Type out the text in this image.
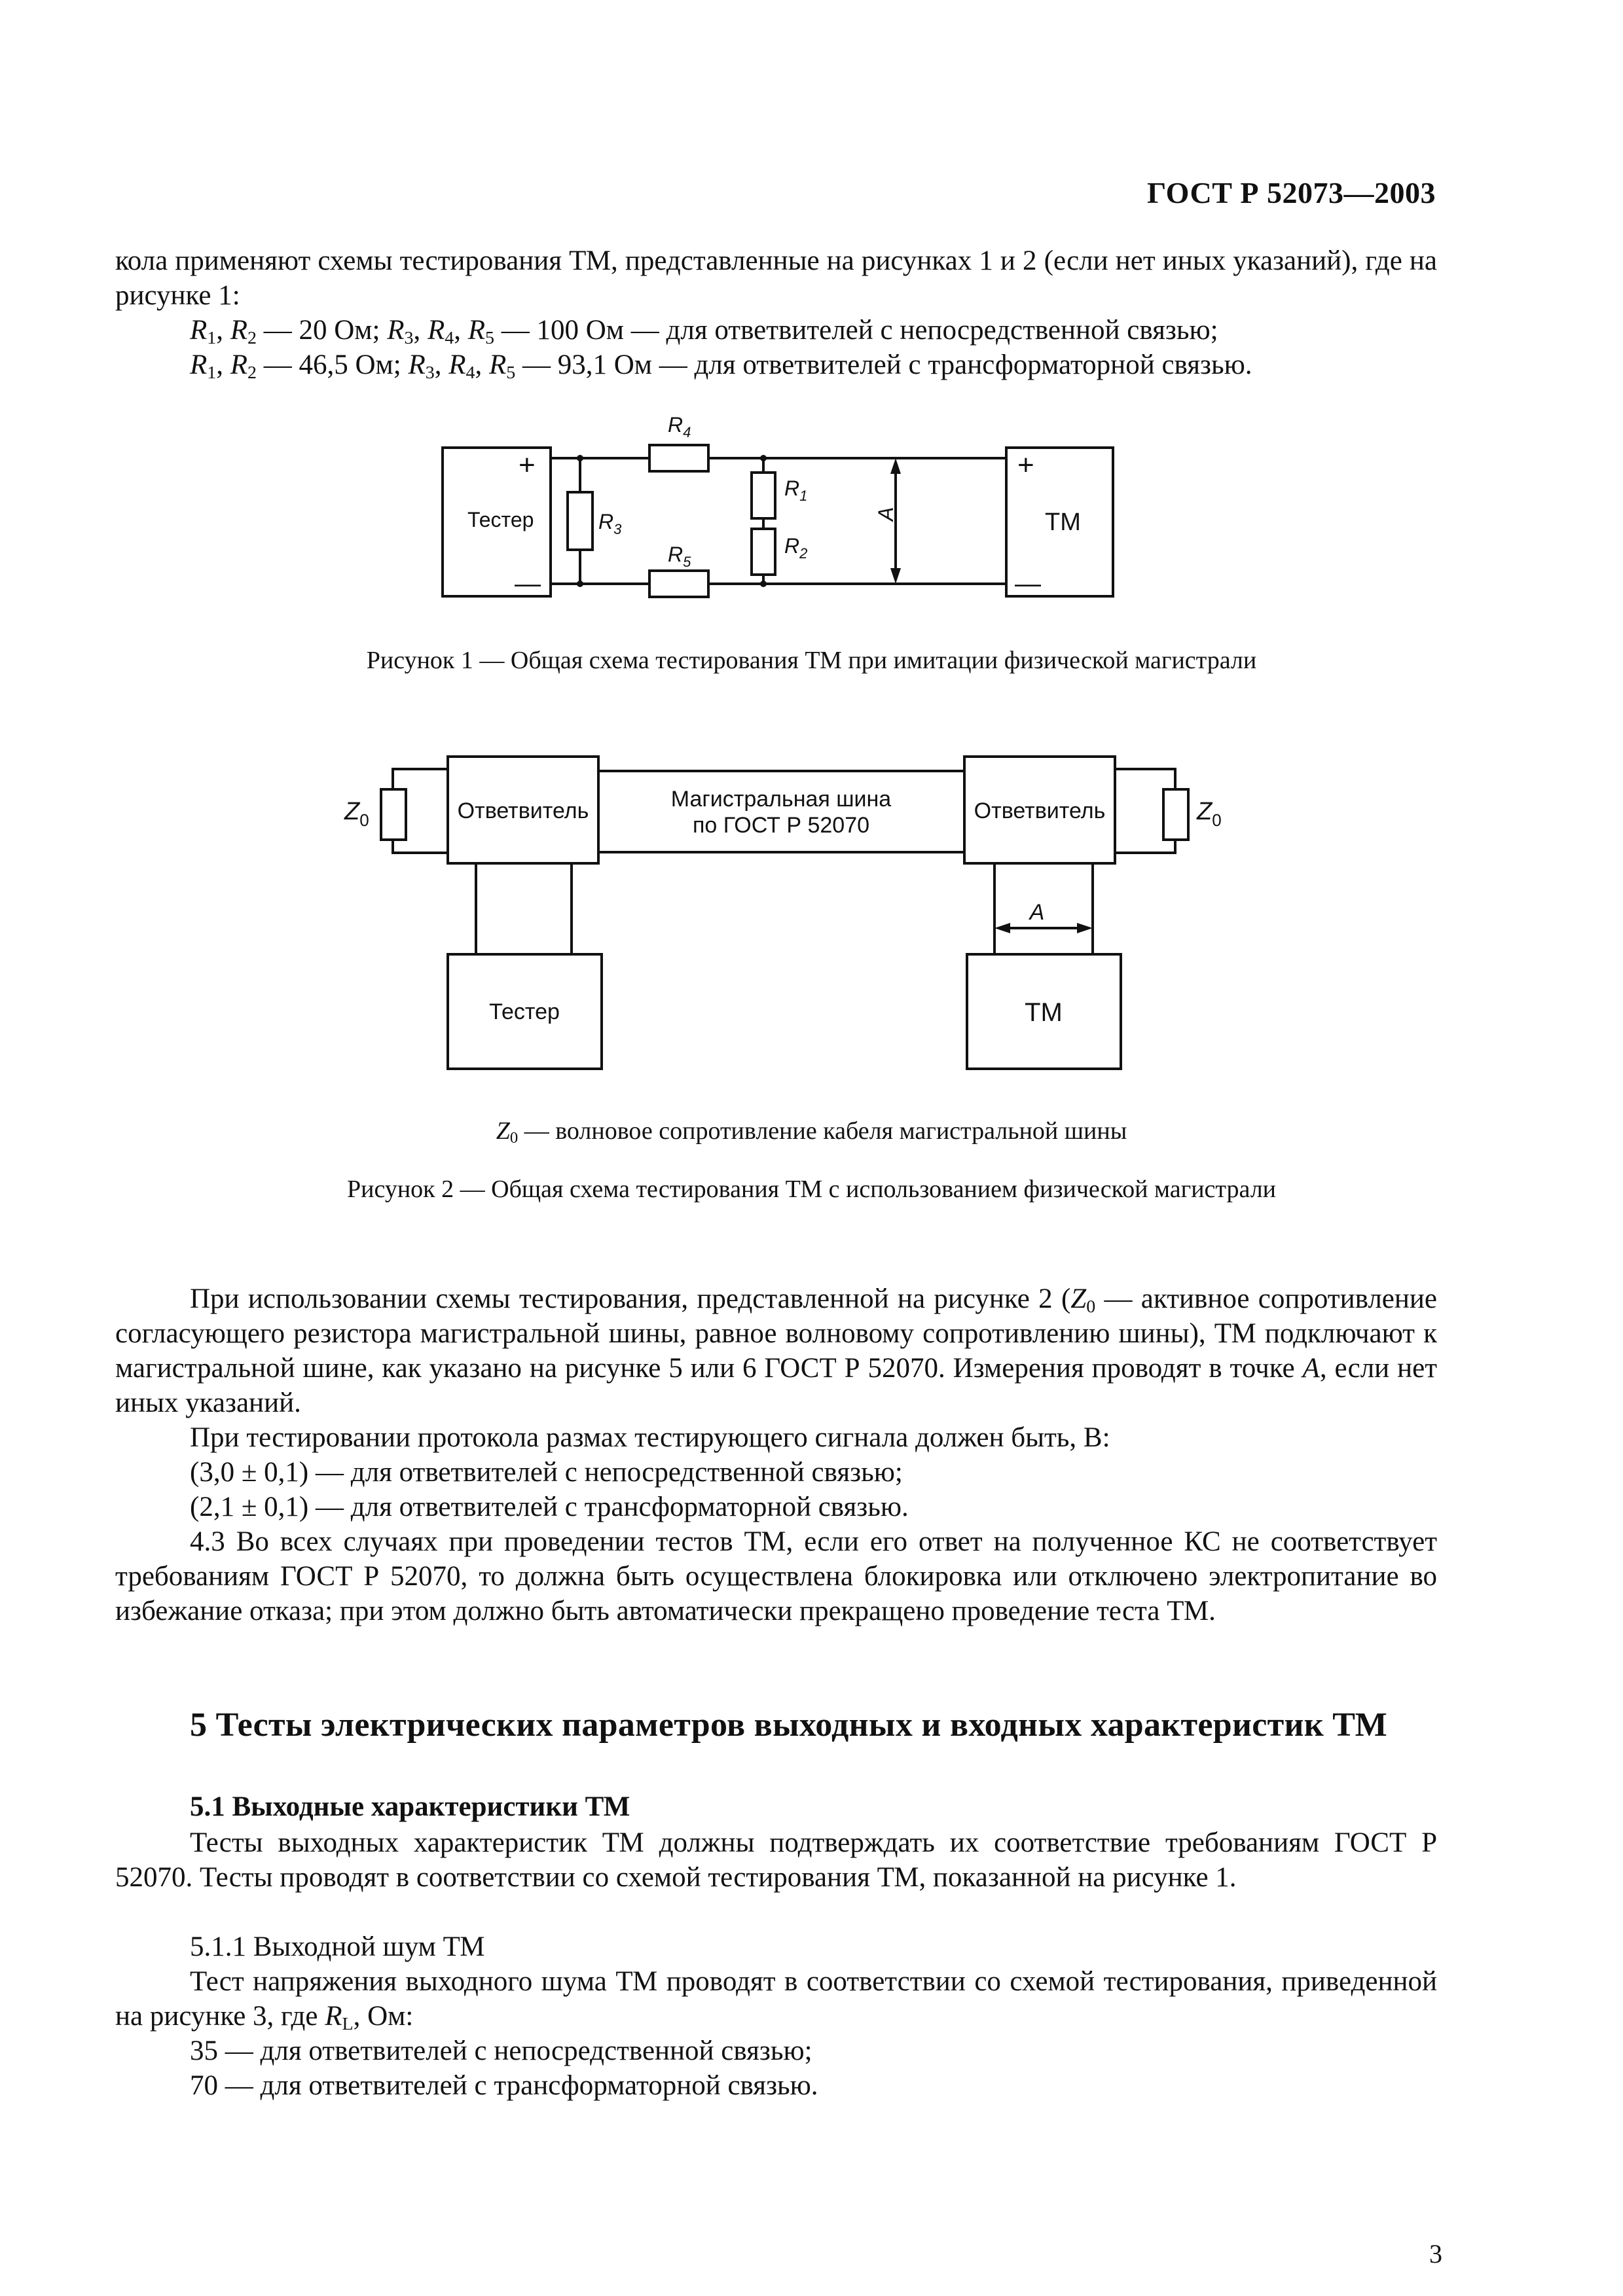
ГОСТ Р 52073—2003
кола применяют схемы тестирования ТМ, представленные на рисунках 1 и 2 (если нет иных указаний), где на рисунке 1:
$R_1$, $R_2$ — 20 Ом; $R_3$, $R_4$, $R_5$ — 100 Ом — для ответвителей с непосредственной связью;
$R_1$, $R_2$ — 46,5 Ом; $R_3$, $R_4$, $R_5$ — 93,1 Ом — для ответвителей с трансформаторной связью.
Тестер	ТМ
+
—
+
—
$R_4$
$R_5$
$R_3$
$R_1$
$R_2$
A
Рисунок 1 — Общая схема тестирования ТМ при имитации физической магистрали
$Z_0$	$Z_0$
Ответвитель	Ответвитель
Магистральная шина
по ГОСТ Р 52070
Тестер	ТМ
A
$Z_0$ — волновое сопротивление кабеля магистральной шины
Рисунок 2 — Общая схема тестирования ТМ с использованием физической магистрали
При использовании схемы тестирования, представленной на рисунке 2 ($Z_0$ — активное сопротивление согласующего резистора магистральной шины, равное волновому сопротивлению шины), ТМ подключают к магистральной шине, как указано на рисунке 5 или 6 ГОСТ Р 52070. Измерения проводят в точке A, если нет иных указаний.
При тестировании протокола размах тестирующего сигнала должен быть, В:
(3,0 ± 0,1) — для ответвителей с непосредственной связью;
(2,1 ± 0,1) — для ответвителей с трансформаторной связью.
4.3 Во всех случаях при проведении тестов ТМ, если его ответ на полученное КС не соответствует требованиям ГОСТ Р 52070, то должна быть осуществлена блокировка или отключено электропитание во избежание отказа; при этом должно быть автоматически прекращено проведение теста ТМ.
5 Тесты электрических параметров выходных и входных характеристик ТМ
5.1 Выходные характеристики ТМ
Тесты выходных характеристик ТМ должны подтверждать их соответствие требованиям ГОСТ Р 52070. Тесты проводят в соответствии со схемой тестирования ТМ, показанной на рисунке 1.
5.1.1 Выходной шум ТМ
Тест напряжения выходного шума ТМ проводят в соответствии со схемой тестирования, приведенной на рисунке 3, где $R_L$, Ом:
35 — для ответвителей с непосредственной связью;
70 — для ответвителей с трансформаторной связью.
3
